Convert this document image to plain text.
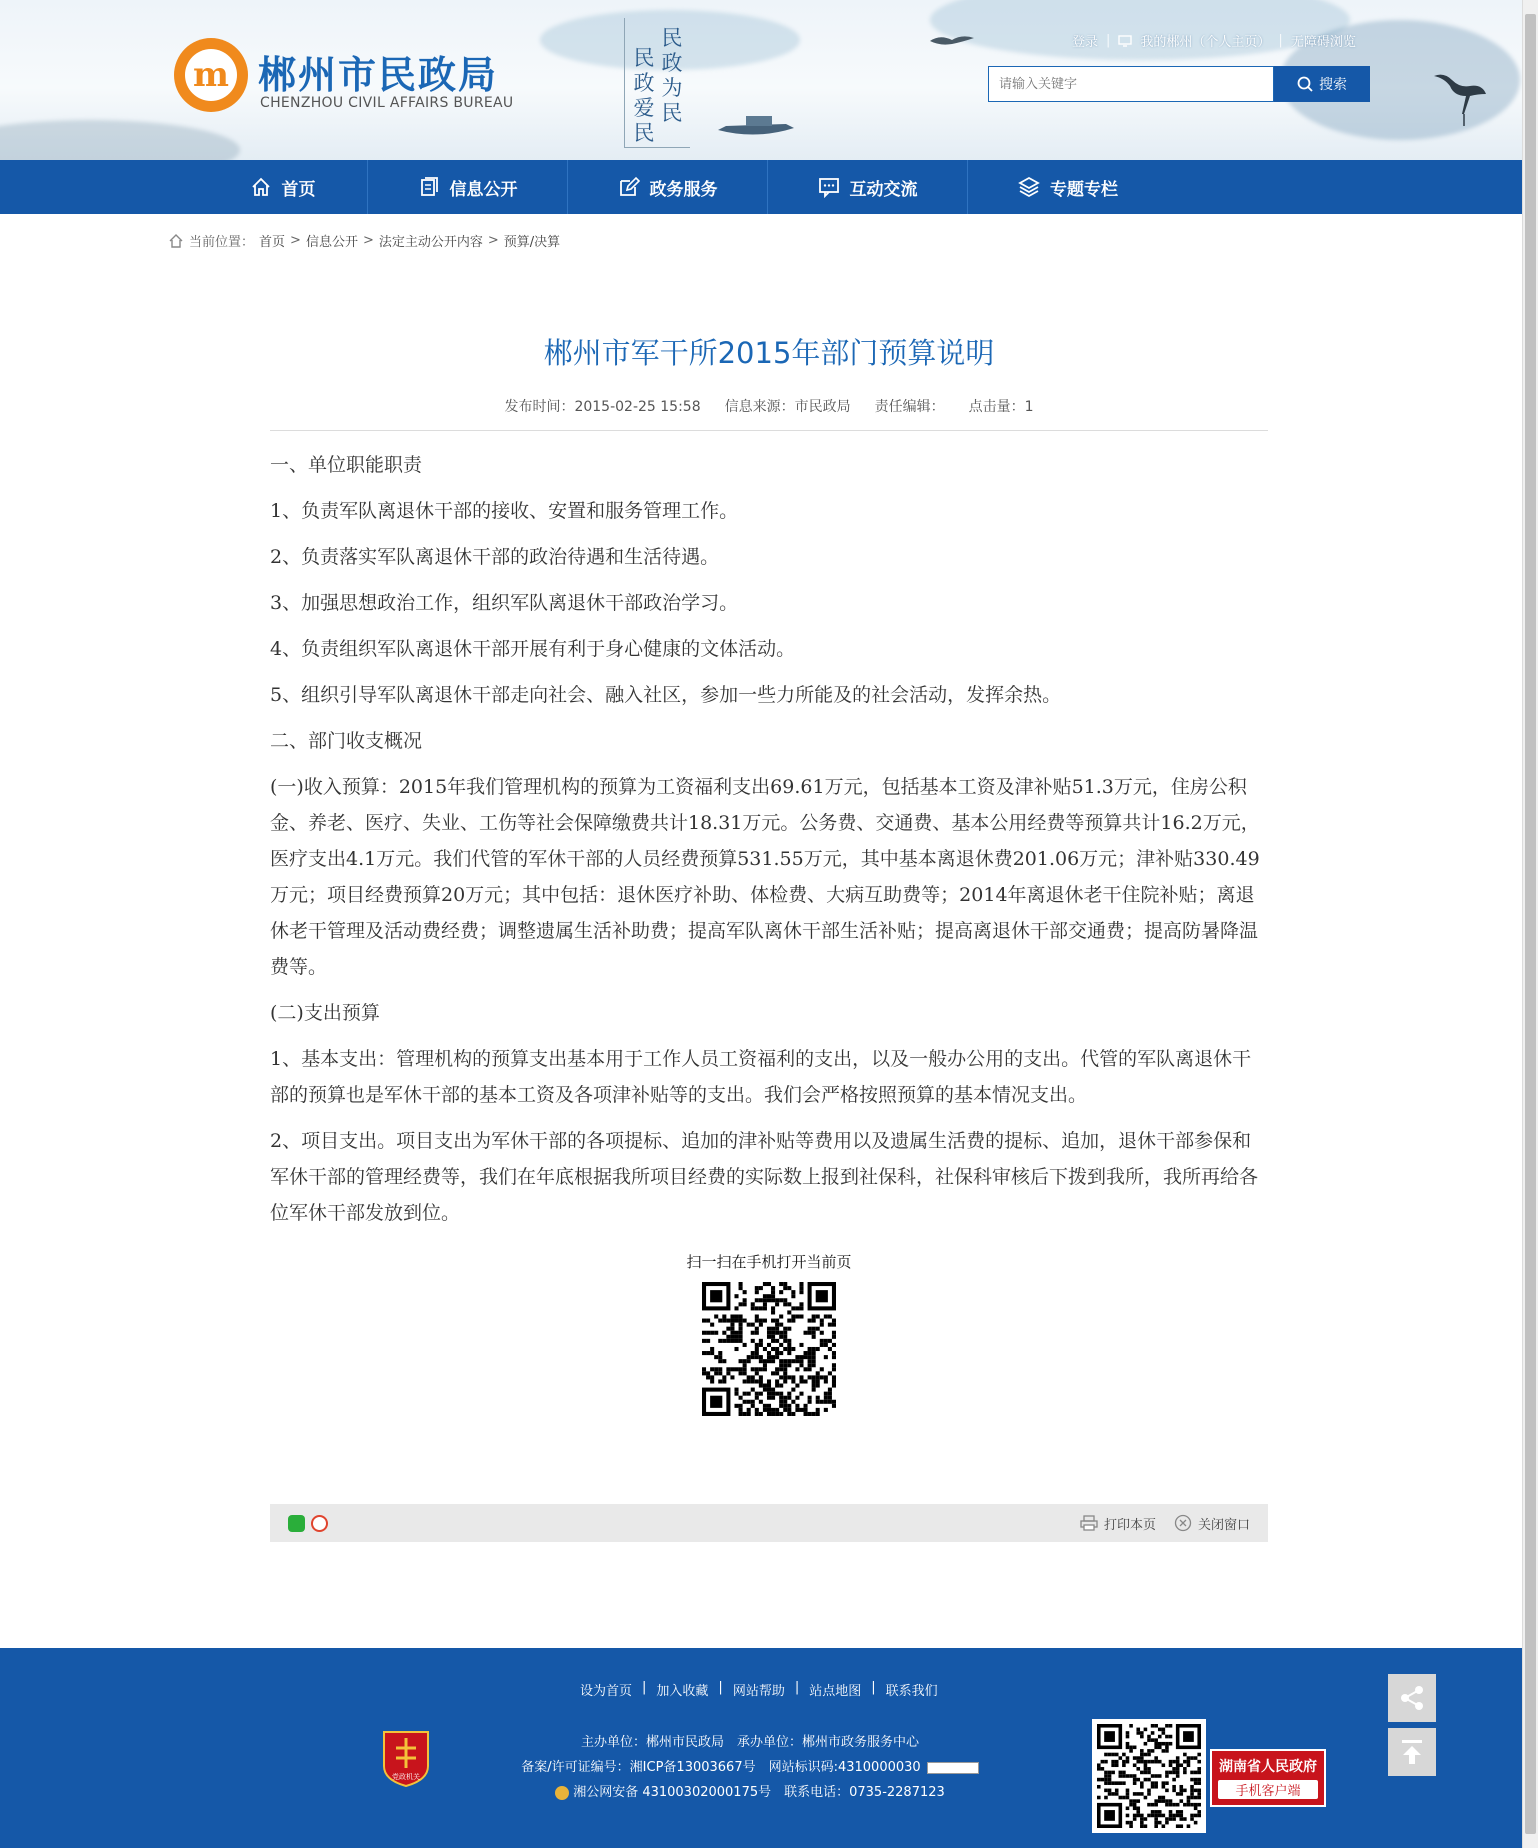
m 郴州市民政局
CHENZHOU CIVIL AFFAIRS BUREAU
民政为民
民政爱民
登录 | 我的郴州（个人主页） | 无障碍浏览
请输入关键字
搜索
首页	信息公开	政务服务	互动交流	专题专栏
当前位置： 首页 > 信息公开 > 法定主动公开内容 > 预算/决算
郴州市军干所2015年部门预算说明
发布时间：2015-02-25 15:58 信息来源：市民政局 责任编辑： 点击量：1

一、单位职能职责

1、负责军队离退休干部的接收、安置和服务管理工作。

2、负责落实军队离退休干部的政治待遇和生活待遇。

3、加强思想政治工作，组织军队离退休干部政治学习。

4、负责组织军队离退休干部开展有利于身心健康的文体活动。

5、组织引导军队离退休干部走向社会、融入社区，参加一些力所能及的社会活动，发挥余热。

二、部门收支概况

(一)收入预算：2015年我们管理机构的预算为工资福利支出69.61万元，包括基本工资及津补贴51.3万元，住房公积金、养老、医疗、失业、工伤等社会保障缴费共计18.31万元。公务费、交通费、基本公用经费等预算共计16.2万元，医疗支出4.1万元。我们代管的军休干部的人员经费预算531.55万元，其中基本离退休费201.06万元；津补贴330.49万元；项目经费预算20万元；其中包括：退休医疗补助、体检费、大病互助费等；2014年离退休老干住院补贴；离退休老干管理及活动费经费；调整遗属生活补助费；提高军队离休干部生活补贴；提高离退休干部交通费；提高防暑降温费等。

(二)支出预算

1、基本支出：管理机构的预算支出基本用于工作人员工资福利的支出，以及一般办公用的支出。代管的军队离退休干部的预算也是军休干部的基本工资及各项津补贴等的支出。我们会严格按照预算的基本情况支出。

2、项目支出。项目支出为军休干部的各项提标、追加的津补贴等费用以及遗属生活费的提标、追加，退休干部参保和军休干部的管理经费等，我们在年底根据我所项目经费的实际数上报到社保科，社保科审核后下拨到我所，我所再给各位军休干部发放到位。

扫一扫在手机打开当前页
打印本页	关闭窗口
设为首页 | 加入收藏 | 网站帮助 | 站点地图 | 联系我们
党政机关
主办单位：郴州市民政局　承办单位：郴州市政务服务中心
备案/许可证编号：湘ICP备13003667号　网站标识码:4310000030
湘公网安备 43100302000175号　联系电话：0735-2287123
湖南省人民政府
手机客户端
